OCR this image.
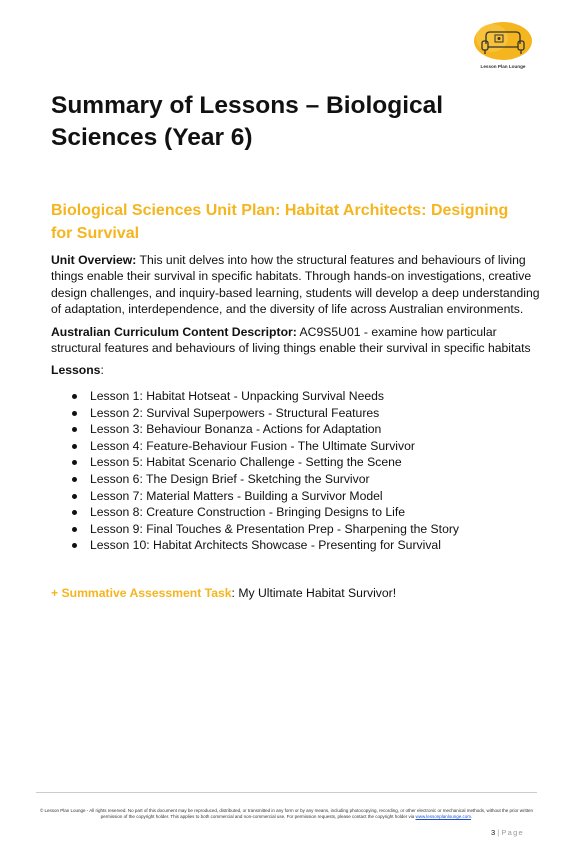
Lesson Plan Lounge
Summary of Lessons – Biological Sciences (Year 6)
Biological Sciences Unit Plan: Habitat Architects: Designing for Survival

Unit Overview: This unit delves into how the structural features and behaviours of living things enable their survival in specific habitats. Through hands-on investigations, creative design challenges, and inquiry-based learning, students will develop a deep understanding of adaptation, interdependence, and the diversity of life across Australian environments.

Australian Curriculum Content Descriptor: AC9S5U01 - examine how particular structural features and behaviours of living things enable their survival in specific habitats

Lessons:
Lesson 1: Habitat Hotseat - Unpacking Survival Needs
Lesson 2: Survival Superpowers - Structural Features
Lesson 3: Behaviour Bonanza - Actions for Adaptation
Lesson 4: Feature-Behaviour Fusion - The Ultimate Survivor
Lesson 5: Habitat Scenario Challenge - Setting the Scene
Lesson 6: The Design Brief - Sketching the Survivor
Lesson 7: Material Matters - Building a Survivor Model
Lesson 8: Creature Construction - Bringing Designs to Life
Lesson 9: Final Touches & Presentation Prep - Sharpening the Story
Lesson 10: Habitat Architects Showcase - Presenting for Survival
+ Summative Assessment Task: My Ultimate Habitat Survivor!
© Lesson Plan Lounge - All rights reserved. No part of this document may be reproduced, distributed, or transmitted in any form or by any means, including photocopying, recording, or other electronic or mechanical methods, without the prior written permission of the copyright holder. This applies to both commercial and non-commercial use. For permission requests, please contact the copyright holder via www.lessonplanlounge.com.
3 | Page
